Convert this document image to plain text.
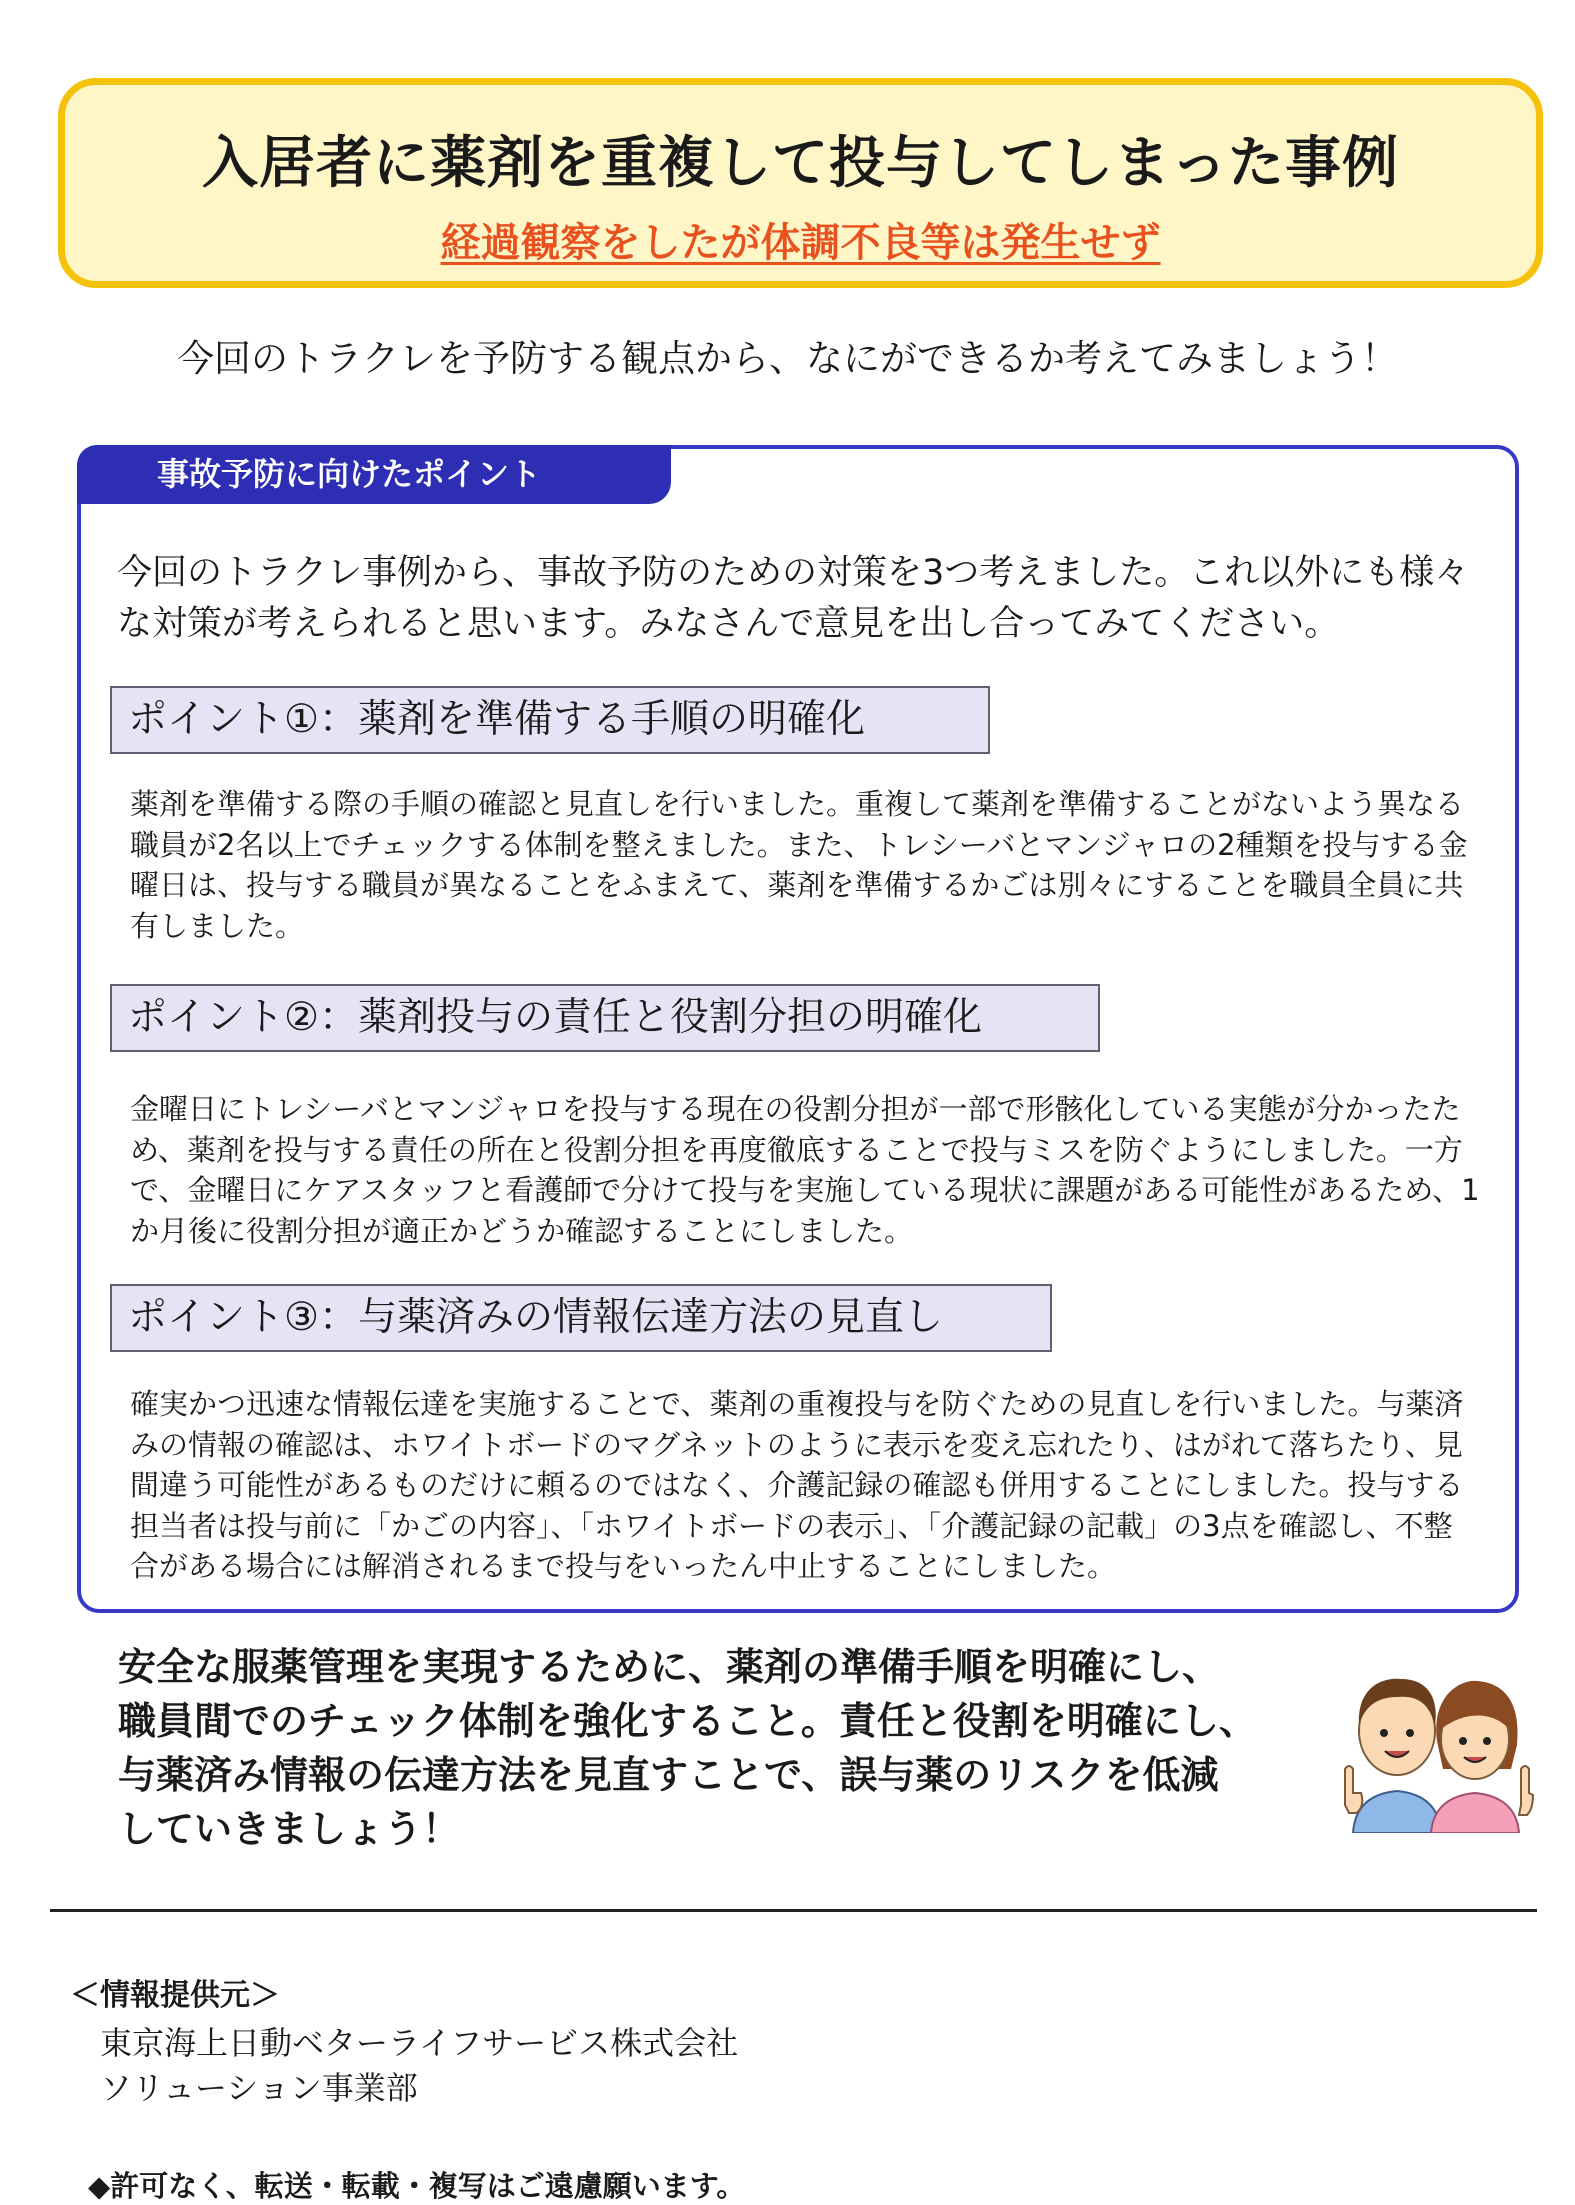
入居者に薬剤を重複して投与してしまった事例
経過観察をしたが体調不良等は発生せず
今回のトラクレを予防する観点から、なにができるか考えてみましょう！
事故予防に向けたポイント
今回のトラクレ事例から、事故予防のための対策を3つ考えました。これ以外にも様々な対策が考えられると思います。みなさんで意見を出し合ってみてください。
ポイント①：薬剤を準備する手順の明確化
薬剤を準備する際の手順の確認と見直しを行いました。重複して薬剤を準備することがないよう異なる職員が2名以上でチェックする体制を整えました。また、トレシーバとマンジャロの2種類を投与する金曜日は、投与する職員が異なることをふまえて、薬剤を準備するかごは別々にすることを職員全員に共有しました。
ポイント②：薬剤投与の責任と役割分担の明確化
金曜日にトレシーバとマンジャロを投与する現在の役割分担が一部で形骸化している実態が分かったため、薬剤を投与する責任の所在と役割分担を再度徹底することで投与ミスを防ぐようにしました。一方で、金曜日にケアスタッフと看護師で分けて投与を実施している現状に課題がある可能性があるため、1か月後に役割分担が適正かどうか確認することにしました。
ポイント③：与薬済みの情報伝達方法の見直し
確実かつ迅速な情報伝達を実施することで、薬剤の重複投与を防ぐための見直しを行いました。与薬済みの情報の確認は、ホワイトボードのマグネットのように表示を変え忘れたり、はがれて落ちたり、見間違う可能性があるものだけに頼るのではなく、介護記録の確認も併用することにしました。投与する担当者は投与前に「かごの内容」、「ホワイトボードの表示」、「介護記録の記載」の3点を確認し、不整合がある場合には解消されるまで投与をいったん中止することにしました。
安全な服薬管理を実現するために、薬剤の準備手順を明確にし、
職員間でのチェック体制を強化すること。責任と役割を明確にし、
与薬済み情報の伝達方法を見直すことで、誤与薬のリスクを低減
していきましょう！
＜情報提供元＞
東京海上日動ベターライフサービス株式会社
ソリューション事業部
◆許可なく、転送・転載・複写はご遠慮願います。
